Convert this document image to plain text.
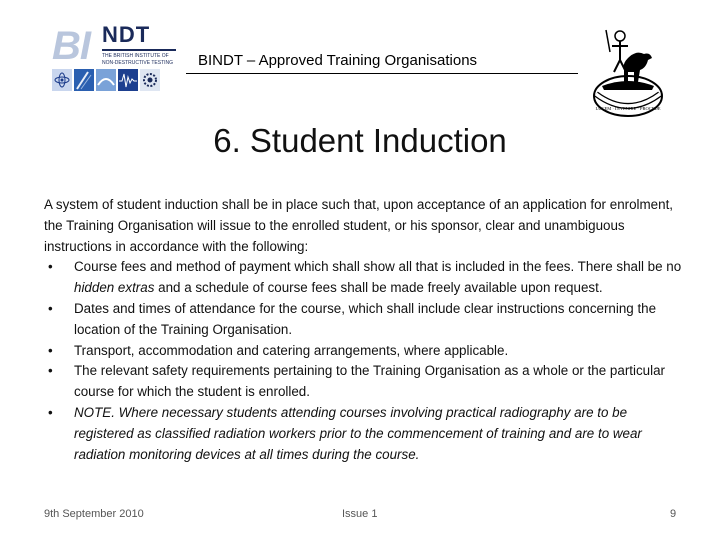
BI NDT
THE BRITISH INSTITUTE OF
NON-DESTRUCTIVE TESTING BINDT – Approved Training Organisations
LUCEM · INVENIRE · PROCEDE
6. Student Induction

A system of student induction shall be in place such that, upon acceptance of an application for enrolment, the Training Organisation will issue to the enrolled student, or his sponsor, clear and unambiguous instructions in accordance with the following:

• Course fees and method of payment which shall show all that is included in the fees. There shall be no hidden extras and a schedule of course fees shall be made freely available upon request.
• Dates and times of attendance for the course, which shall include clear instructions concerning the location of the Training Organisation.
• Transport, accommodation and catering arrangements, where applicable.
• The relevant safety requirements pertaining to the Training Organisation as a whole or the particular course for which the student is enrolled.
• NOTE. Where necessary students attending courses involving practical radiography are to be registered as classified radiation workers prior to the commencement of training and are to wear radiation monitoring devices at all times during the course.
9th September 2010	Issue 1	9
